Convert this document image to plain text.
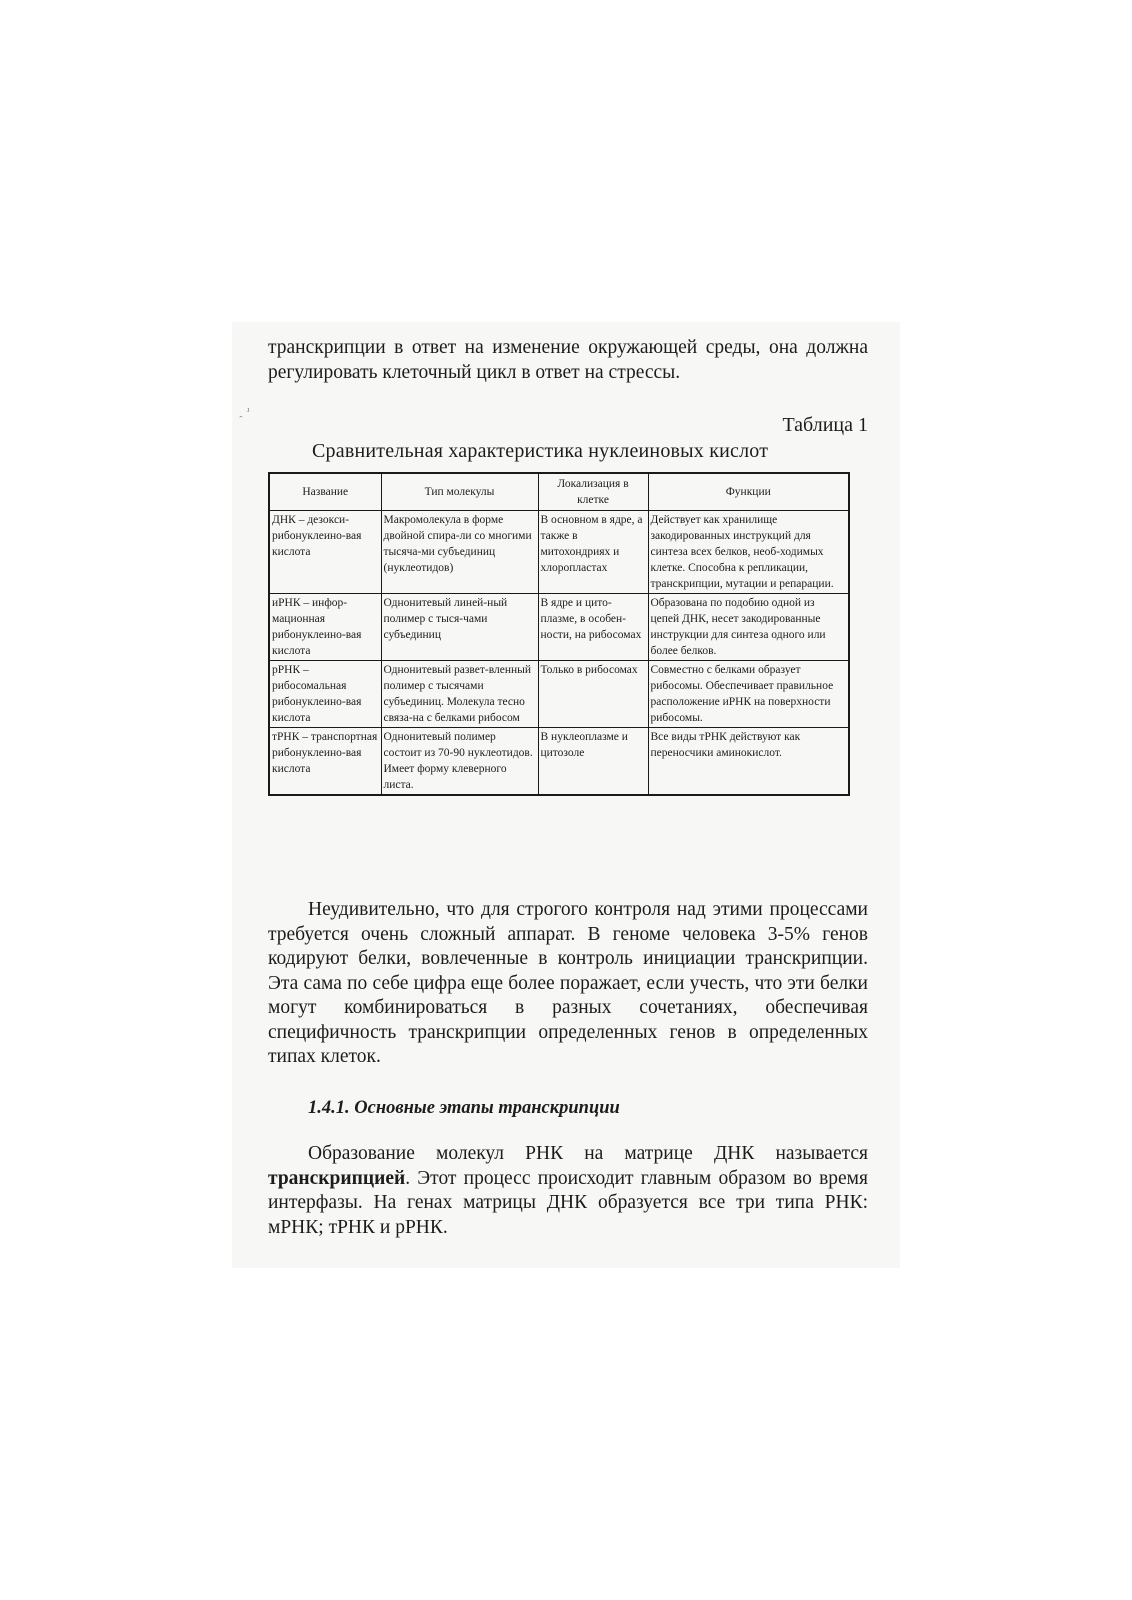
ꞈ ¹

транскрипции в ответ на изменение окружающей среды, она должна регулировать клеточный цикл в ответ на стрессы.

Таблица 1

Сравнительная характеристика нуклеиновых кислот

Название	Тип молекулы	Локализация в клетке	Функции
ДНК – дезокси-рибонуклеино-вая кислота	Макромолекула в форме двойной спира-ли со многими тысяча-ми субъединиц (нуклеотидов)	В основном в ядре, а также в митохондриях и хлоропластах	Действует как хранилище закодированных инструкций для синтеза всех белков, необ-ходимых клетке. Способна к репликации, транскрипции, мутации и репарации.
иРНК – инфор-мационная рибонуклеино-вая кислота	Однонитевый линей-ный полимер с тыся-чами субъединиц	В ядре и цито-плазме, в особен-ности, на рибосомах	Образована по подобию одной из цепей ДНК, несет закодированные инструкции для синтеза одного или более белков.
рРНК – рибосомальная рибонуклеино-вая кислота	Однонитевый развет-вленный полимер с тысячами субъединиц. Молекула тесно связа-на с белками рибосом	Только в рибосомах	Совместно с белками образует рибосомы. Обеспечивает правильное расположение иРНК на поверхности рибосомы.
тРНК – транспортная рибонуклеино-вая кислота	Однонитевый полимер состоит из 70-90 нуклеотидов. Имеет форму клеверного листа.	В нуклеоплазме и цитозоле	Все виды тРНК действуют как переносчики аминокислот.

Неудивительно, что для строгого контроля над этими процессами требуется очень сложный аппарат. В геноме человека 3-5% генов кодируют белки, вовлеченные в контроль инициации транскрипции. Эта сама по себе цифра еще более поражает, если учесть, что эти белки могут комбинироваться в разных сочетаниях, обеспечивая специфичность транскрипции определенных генов в определенных типах клеток.

1.4.1. Основные этапы транскрипции

Образование молекул РНК на матрице ДНК называется транскрипцией. Этот процесс происходит главным образом во время интерфазы. На генах матрицы ДНК образуется все три типа РНК: мРНК; тРНК и рРНК.
